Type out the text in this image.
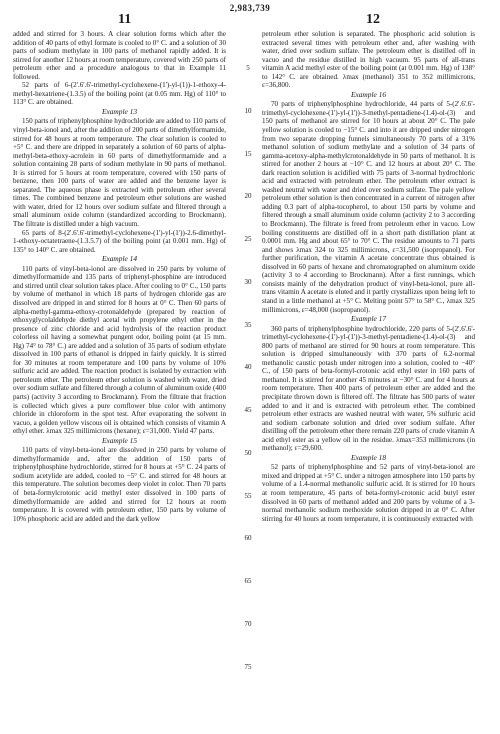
2,983,739
11	12

added and stirred for 3 hours. A clear solution forms which after the addition of 40 parts of ethyl formate is cooled to 0° C. and a solution of 30 parts of sodium methylate in 100 parts of methanol rapidly added. It is stirred for another 12 hours at room temperature, covered with 250 parts of petroleum ether and a procedure analogous to that in Example 11 followed.

52 parts of 6-(2'.6'.6'-trimethyl-cyclohexene-(1')-yl-(1))-1-ethoxy-4-methyl-hexatriene-(1.3.5) of the boiling point (at 0.05 mm. Hg) of 110° to 113° C. are obtained.

Example 13

150 parts of triphenylphosphine hydrochloride are added to 110 parts of vinyl-beta-ionol and, after the addition of 200 parts of dimethylformamide, stirred for 48 hours at room temperature. The clear solution is cooled to +5° C. and there are dripped in separately a solution of 60 parts of alpha-methyl-beta-ethoxy-acrolein in 60 parts of dimethylformamide and a solution containing 28 parts of sodium methylate in 90 parts of methanol. It is stirred for 5 hours at room temperature, covered with 150 parts of benzene, then 100 parts of water are added and the benzene layer is separated. The aqueous phase is extracted with petroleum ether several times. The combined benzene and petroleum ether solutions are washed with water, dried for 12 hours over sodium sulfate and filtered through a small aluminum oxide column (standardized according to Brockmann). The filtrate is distilled under a high vacuum.

65 parts of 8-(2'.6'.6'-trimethyl-cyclohexene-(1')-yl-(1'))-2.6-dimethyl-1-ethoxy-octatetraene-(1.3.5.7) of the boiling point (at 0.001 mm. Hg) of 135° to 140° C. are obtained.

Example 14

110 parts of vinyl-beta-ionol are dissolved in 250 parts by volume of dimethylformamide and 135 parts of triphenyl-phosphine are introduced and stirred until clear solution takes place. After cooling to 0° C., 150 parts by volume of methanol in which 18 parts of hydrogen chloride gas are dissolved are dripped in and stirred for 8 hours at 0° C. Then 60 parts of alpha-methyl-gamma-ethoxy-crotonaldehyde (prepared by reaction of ethoxyglycolaldehyde diethyl acetal with propylene ethyl ether in the presence of zinc chloride and acid hydrolysis of the reaction product colorless oil having a somewhat pungent odor, boiling point (at 15 mm. Hg) 74° to 78° C.) are added and a solution of 35 parts of sodium ethylate dissolved in 100 parts of ethanol is dripped in fairly quickly. It is stirred for 30 minutes at room temperature and 100 parts by volume of 10% sulfuric acid are added. The reaction product is isolated by extraction with petroleum ether. The petroleum ether solution is washed with water, dried over sodium sulfate and filtered through a column of aluminum oxide (400 parts) (activity 3 according to Brockmann). From the filtrate that fraction is collected which gives a pure cornflower blue color with antimony chloride in chloroform in the spot test. After evaporating the solvent in vacuo, a golden yellow viscous oil is obtained which consists of vitamin A ethyl ether. λmax 325 millimicrons (hexane); ε=31,000. Yield 47 parts.

Example 15

110 parts of vinyl-beta-ionol are dissolved in 250 parts by volume of dimethylformamide and, after the addition of 150 parts of triphenylphosphine hydrochloride, stirred for 8 hours at +5° C. 24 parts of sodium acetylide are added, cooled to −5° C. and stirred for 48 hours at this temperature. The solution becomes deep violet in color. Then 70 parts of beta-formylcrotonic acid methyl ester dissolved in 100 parts of dimethylformamide are added and stirred for 12 hours at room temperature. It is covered with petroleum ether, 150 parts by volume of 10% phosphoric acid are added and the dark yellow

5
10
15
20
25
30
35
40
45
50
55
60
65
70
75

petroleum ether solution is separated. The phosphoric acid solution is extracted several times with petroleum ether and, after washing with water, dried over sodium sulfate. The petroleum ether is distilled off in vacuo and the residue distilled in high vacuum. 95 parts of all-trans vitamin A acid methyl ester of the boiling point (at 0.001 mm. Hg) of 138° to 142° C. are obtained. λmax (methanol) 351 to 352 millimicrons, ε=36,800.

Example 16

70 parts of triphenylphosphine hydrochloride, 44 parts of 5-(2'.6'.6'-trimethyl-cyclohexene-(1')-yl-(1'))-3-methyl-pentadiene-(1.4)-ol-(3) and 150 parts of methanol are stirred for 10 hours at about 20° C. The pale yellow solution is cooled to −15° C. and into it are dripped under nitrogen from two separate dropping funnels simultaneously 70 parts of a 31% methanol solution of sodium methylate and a solution of 34 parts of gamma-acetoxy-alpha-methylcrotonaldehyde in 50 parts of methanol. It is stirred for another 2 hours at −10° C. and 12 hours at about 20° C. The dark reaction solution is acidified with 75 parts of 3-normal hydrochloric acid and extracted with petroleum ether. The petroleum ether extract is washed neutral with water and dried over sodium sulfate. The pale yellow petroleum ether solution is then concentrated in a current of nitrogen after adding 0.3 part of alpha-tocopherol, to about 150 parts by volume and filtered through a small aluminum oxide column (activity 2 to 3 according to Brockmann). The filtrate is freed from petroleum ether in vacuo. Low boiling constituents are distilled off in a short path distillation plant at 0.0001 mm. Hg and about 65° to 70° C. The residue amounts to 71 parts and shows λmax 324 to 325 millimicrons, ε=31,500 (isopropanol). For further purification, the vitamin A acetate concentrate thus obtained is dissolved in 60 parts of hexane and chromatographed on aluminum oxide (activity 3 to 4 according to Brockmann). After a first runnings, which consists mainly of the dehydration product of vinyl-beta-ionol, pure all-trans vitamin A acetate is eluted and it partly crystallizes upon being left to stand in a little methanol at +5° C. Melting point 57° to 58° C., λmax 325 millimicrons, ε=48,000 (isopropanol).

Example 17

360 parts of triphenylphosphine hydrochloride, 220 parts of 5-(2'.6'.6'-trimethyl-cyclohexene-(1')-yl-(1'))-3-methyl-pentadiene-(1.4)-ol-(3) and 800 parts of methanol are stirred for 90 hours at room temperature. This solution is dripped simultaneously with 370 parts of 6.2-normal methanolic caustic potash under nitrogen into a solution, cooled to −40° C., of 150 parts of beta-formyl-crotonic acid ethyl ester in 160 parts of methanol. It is stirred for another 45 minutes at −30° C. and for 4 hours at room temperature. Then 400 parts of petroleum ether are added and the precipitate thrown down is filtered off. The filtrate has 500 parts of water added to and it and is extracted with petroleum ether. The combined petroleum ether extracts are washed neutral with water, 5% sulfuric acid and sodium carbonate solution and dried over sodium sulfate. After distilling off the petroleum ether there remain 220 parts of crude vitamin A acid ethyl ester as a yellow oil in the residue. λmax=353 millimicrons (in methanol); ε=29,600.

Example 18

52 parts of triphenylphosphine and 52 parts of vinyl-beta-ionol are mixed and dripped at +5° C. under a nitrogen atmosphere into 150 parts by volume of a 1.4-normal methanolic sulfuric acid. It is stirred for 10 hours at room temperature, 45 parts of beta-formyl-crotonic acid butyl ester dissolved in 60 parts of methanol added and 200 parts by volume of a 3-normal methanolic sodium methoxide solution dripped in at 0° C. After stirring for 40 hours at room temperature, it is continuously extracted with
